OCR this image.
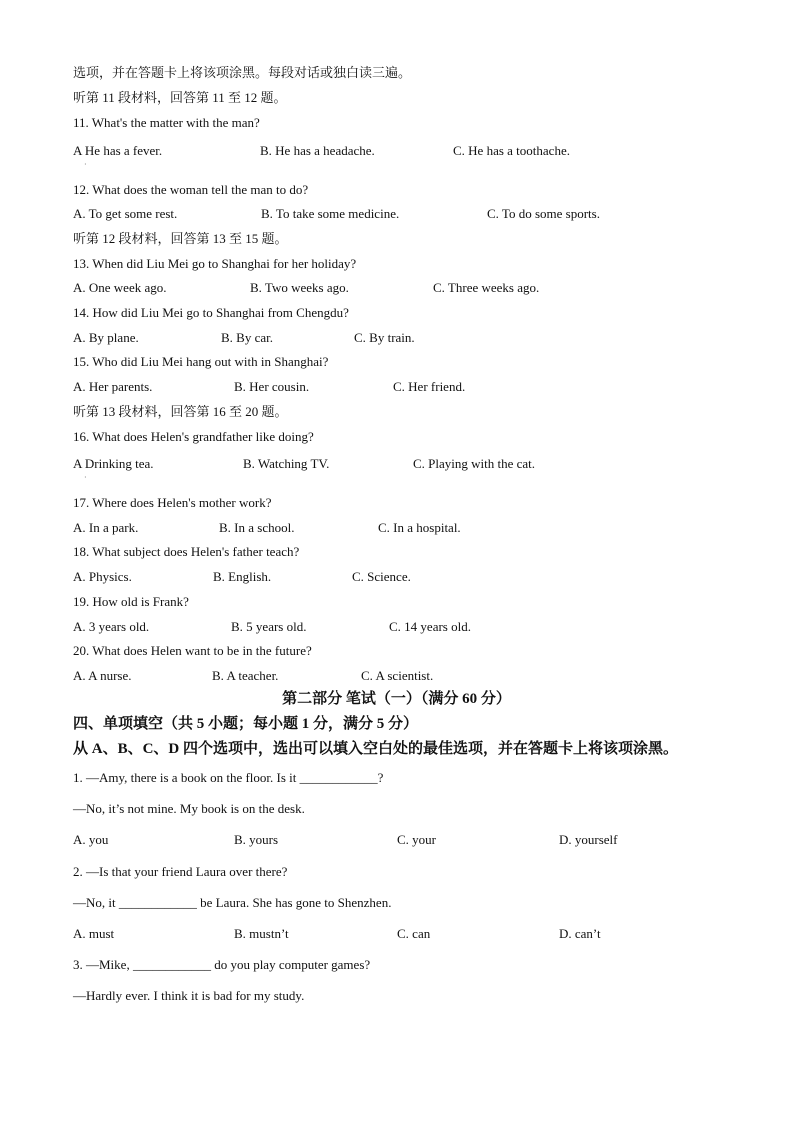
选项，并在答题卡上将该项涂黑。每段对话或独白读三遍。
听第 11 段材料，回答第 11 至 12 题。
11. What's the matter with the man?
A He has a fever.	B. He has a headache.	C. He has a toothache.
·
12. What does the woman tell the man to do?
A. To get some rest.	B. To take some medicine.	C. To do some sports.
听第 12 段材料，回答第 13 至 15 题。
13. When did Liu Mei go to Shanghai for her holiday?
A. One week ago.	B. Two weeks ago.	C. Three weeks ago.
14. How did Liu Mei go to Shanghai from Chengdu?
A. By plane.	B. By car.	C. By train.
15. Who did Liu Mei hang out with in Shanghai?
A. Her parents.	B. Her cousin.	C. Her friend.
听第 13 段材料，回答第 16 至 20 题。
16. What does Helen's grandfather like doing?
A Drinking tea.	B. Watching TV.	C. Playing with the cat.
·
17. Where does Helen's mother work?
A. In a park.	B. In a school.	C. In a hospital.
18. What subject does Helen's father teach?
A. Physics.	B. English.	C. Science.
19. How old is Frank?
A. 3 years old.	B. 5 years old.	C. 14 years old.
20. What does Helen want to be in the future?
A. A nurse.	B. A teacher.	C. A scientist.
第二部分 笔试（一）（满分 60 分）
四、单项填空（共 5 小题；每小题 1 分，满分 5 分）
从 A、B、C、D 四个选项中，选出可以填入空白处的最佳选项，并在答题卡上将该项涂黑。
1. —Amy, there is a book on the floor. Is it ____________?
—No, it’s not mine. My book is on the desk.
A. you	B. yours	C. your	D. yourself
2. —Is that your friend Laura over there?
—No, it ____________ be Laura. She has gone to Shenzhen.
A. must	B. mustn’t	C. can	D. can’t
3. —Mike, ____________ do you play computer games?
—Hardly ever. I think it is bad for my study.
